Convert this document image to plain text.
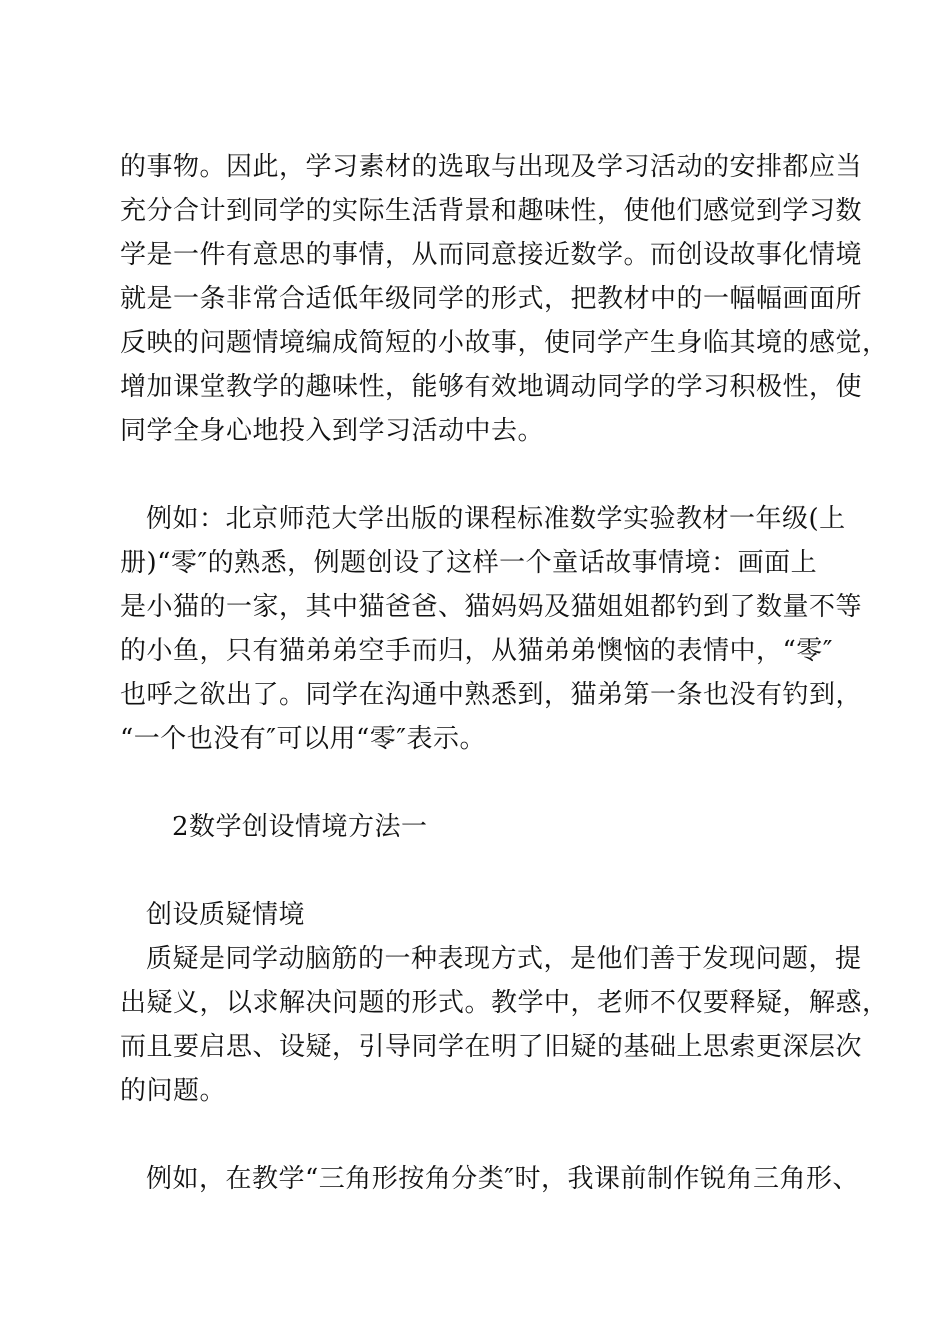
的事物。因此，学习素材的选取与出现及学习活动的安排都应当
充分合计到同学的实际生活背景和趣味性，使他们感觉到学习数
学是一件有意思的事情，从而同意接近数学。而创设故事化情境
就是一条非常合适低年级同学的形式，把教材中的一幅幅画面所
反映的问题情境编成简短的小故事，使同学产生身临其境的感觉，
增加课堂教学的趣味性，能够有效地调动同学的学习积极性，使
同学全身心地投入到学习活动中去。
例如：北京师范大学出版的课程标准数学实验教材一年级(上
册)“零″的熟悉，例题创设了这样一个童话故事情境：画面上
是小猫的一家，其中猫爸爸、猫妈妈及猫姐姐都钓到了数量不等
的小鱼，只有猫弟弟空手而归，从猫弟弟懊恼的表情中，“零″
也呼之欲出了。同学在沟通中熟悉到，猫弟第一条也没有钓到，
“一个也没有″可以用“零″表示。
2数学创设情境方法一
创设质疑情境
质疑是同学动脑筋的一种表现方式，是他们善于发现问题，提
出疑义，以求解决问题的形式。教学中，老师不仅要释疑，解惑，
而且要启思、设疑，引导同学在明了旧疑的基础上思索更深层次
的问题。
例如，在教学“三角形按角分类″时，我课前制作锐角三角形、
